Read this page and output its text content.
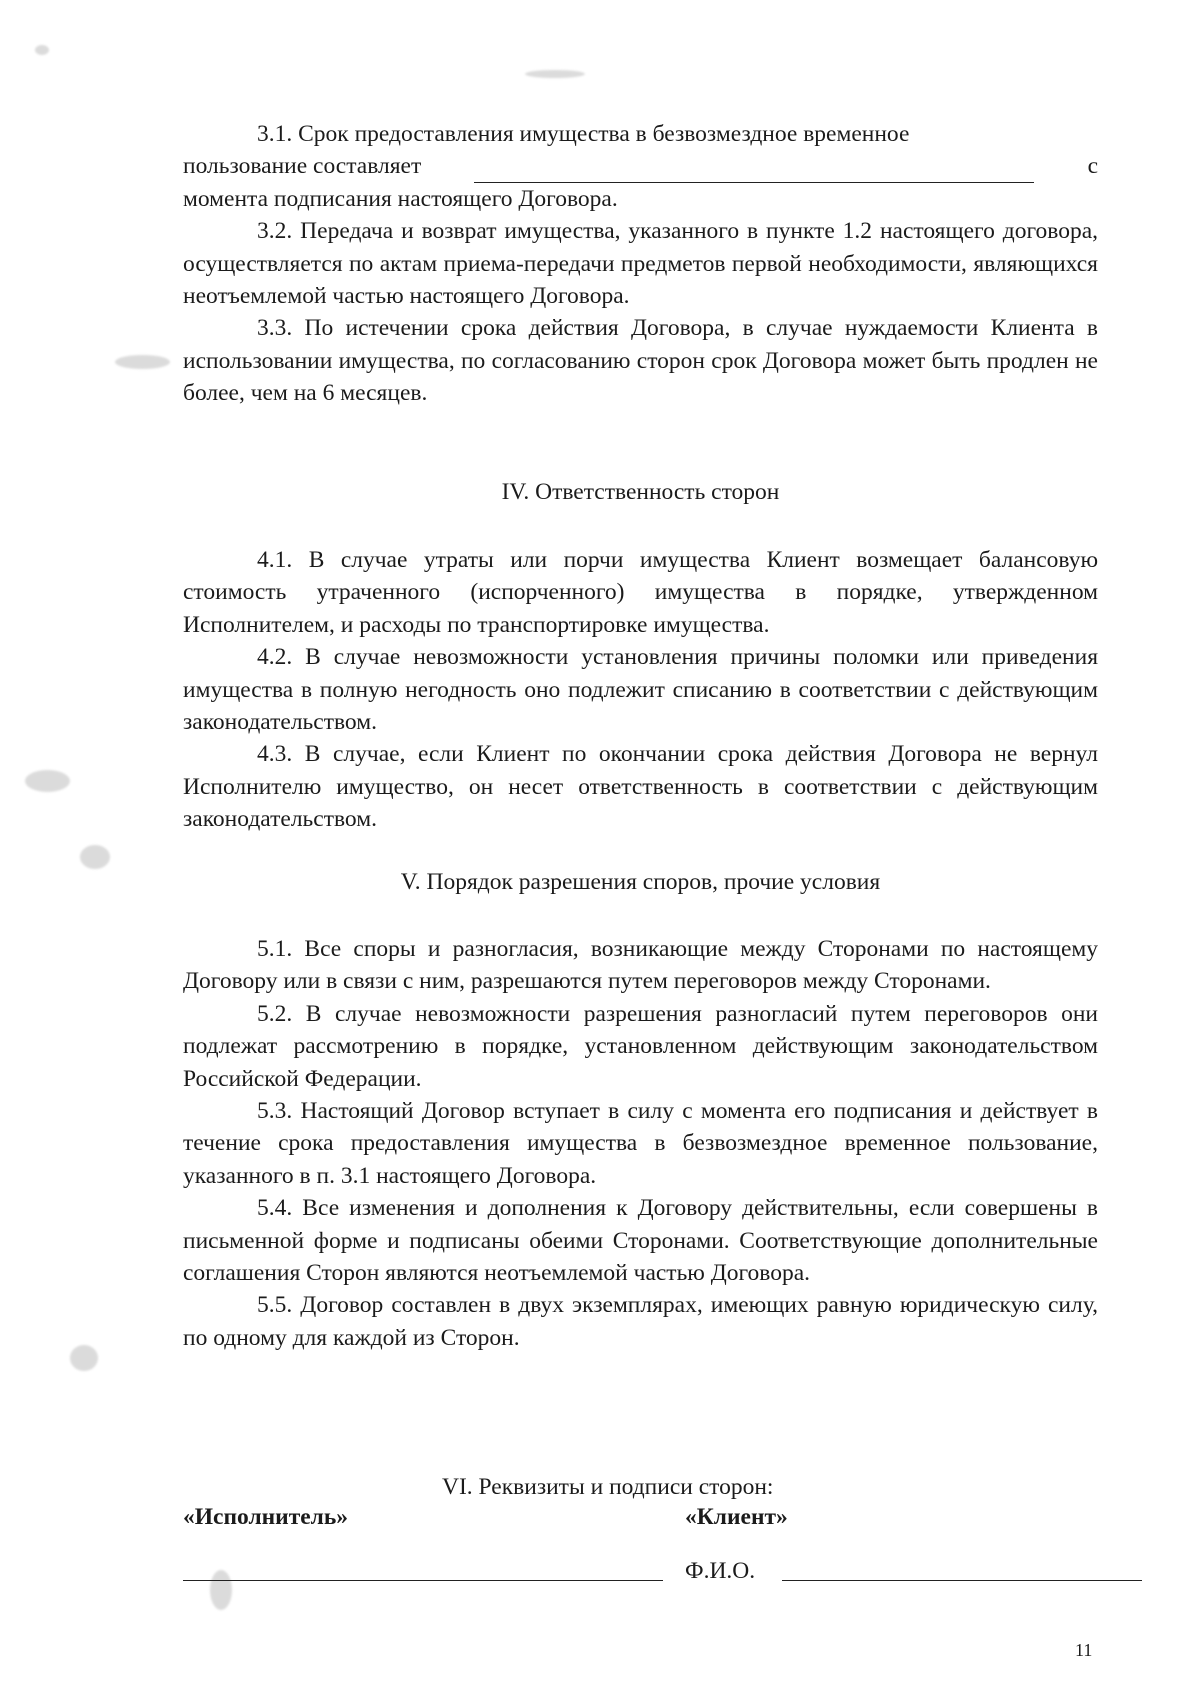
3.1. Срок предоставления имущества в безвозмездное временное

пользование составляет	с
момента подписания настоящего Договора.

3.2. Передача и возврат имущества, указанного в пункте 1.2 настоящего договора, осуществляется по актам приема-передачи предметов первой необходимости, являющихся неотъемлемой частью настоящего Договора.

3.3. По истечении срока действия Договора, в случае нуждаемости Клиента в использовании имущества, по согласованию сторон срок Договора может быть продлен не более, чем на 6 месяцев.

IV. Ответственность сторон

4.1. В случае утраты или порчи имущества Клиент возмещает балансовую стоимость утраченного (испорченного) имущества в порядке, утвержденном Исполнителем, и расходы по транспортировке имущества.

4.2. В случае невозможности установления причины поломки или приведения имущества в полную негодность оно подлежит списанию в соответствии с действующим законодательством.

4.3. В случае, если Клиент по окончании срока действия Договора не вернул Исполнителю имущество, он несет ответственность в соответствии с действующим законодательством.

V. Порядок разрешения споров, прочие условия

5.1. Все споры и разногласия, возникающие между Сторонами по настоящему Договору или в связи с ним, разрешаются путем переговоров между Сторонами.

5.2. В случае невозможности разрешения разногласий путем переговоров они подлежат рассмотрению в порядке, установленном действующим законодательством Российской Федерации.

5.3. Настоящий Договор вступает в силу с момента его подписания и действует в течение срока предоставления имущества в безвозмездное временное пользование, указанного в п. 3.1 настоящего Договора.

5.4. Все изменения и дополнения к Договору действительны, если совершены в письменной форме и подписаны обеими Сторонами. Соответствующие дополнительные соглашения Сторон являются неотъемлемой частью Договора.

5.5. Договор составлен в двух экземплярах, имеющих равную юридическую силу, по одному для каждой из Сторон.

VI. Реквизиты и подписи сторон:
«Исполнитель»	«Клиент»
Ф.И.О.
11
